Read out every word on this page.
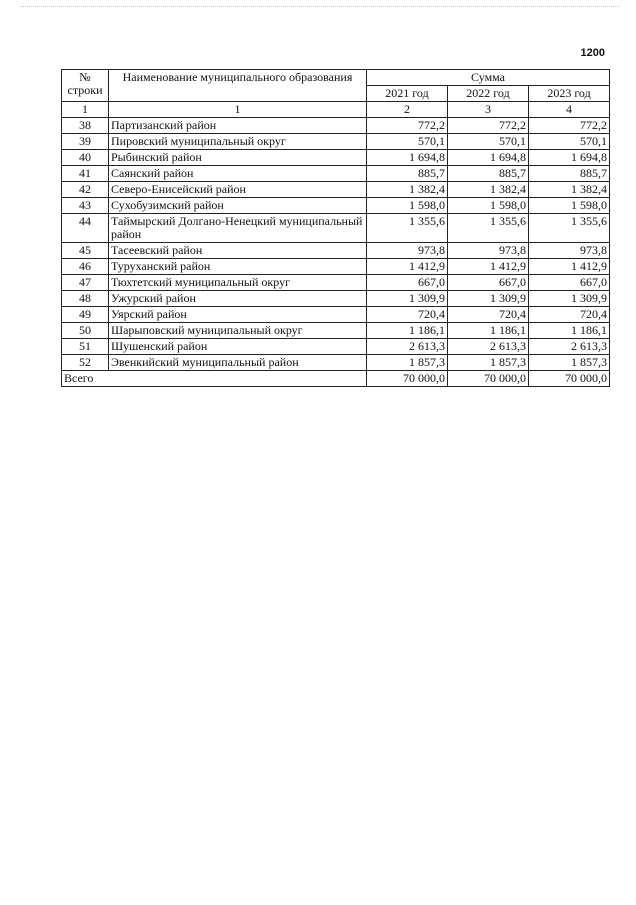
1200
№ строки	Наименование муниципального образования	Сумма		
		2021 год	2022 год	2023 год
1	1	2	3	4
38	Партизанский район	772,2	772,2	772,2
39	Пировский муниципальный округ	570,1	570,1	570,1
40	Рыбинский район	1 694,8	1 694,8	1 694,8
41	Саянский район	885,7	885,7	885,7
42	Северо-Енисейский район	1 382,4	1 382,4	1 382,4
43	Сухобузимский район	1 598,0	1 598,0	1 598,0
44	Таймырский Долгано-Ненецкий муниципальный район	1 355,6	1 355,6	1 355,6
45	Тасеевский район	973,8	973,8	973,8
46	Туруханский район	1 412,9	1 412,9	1 412,9
47	Тюхтетский муниципальный округ	667,0	667,0	667,0
48	Ужурский район	1 309,9	1 309,9	1 309,9
49	Уярский район	720,4	720,4	720,4
50	Шарыповский муниципальный округ	1 186,1	1 186,1	1 186,1
51	Шушенский район	2 613,3	2 613,3	2 613,3
52	Эвенкийский муниципальный район	1 857,3	1 857,3	1 857,3
Всего		70 000,0	70 000,0	70 000,0
